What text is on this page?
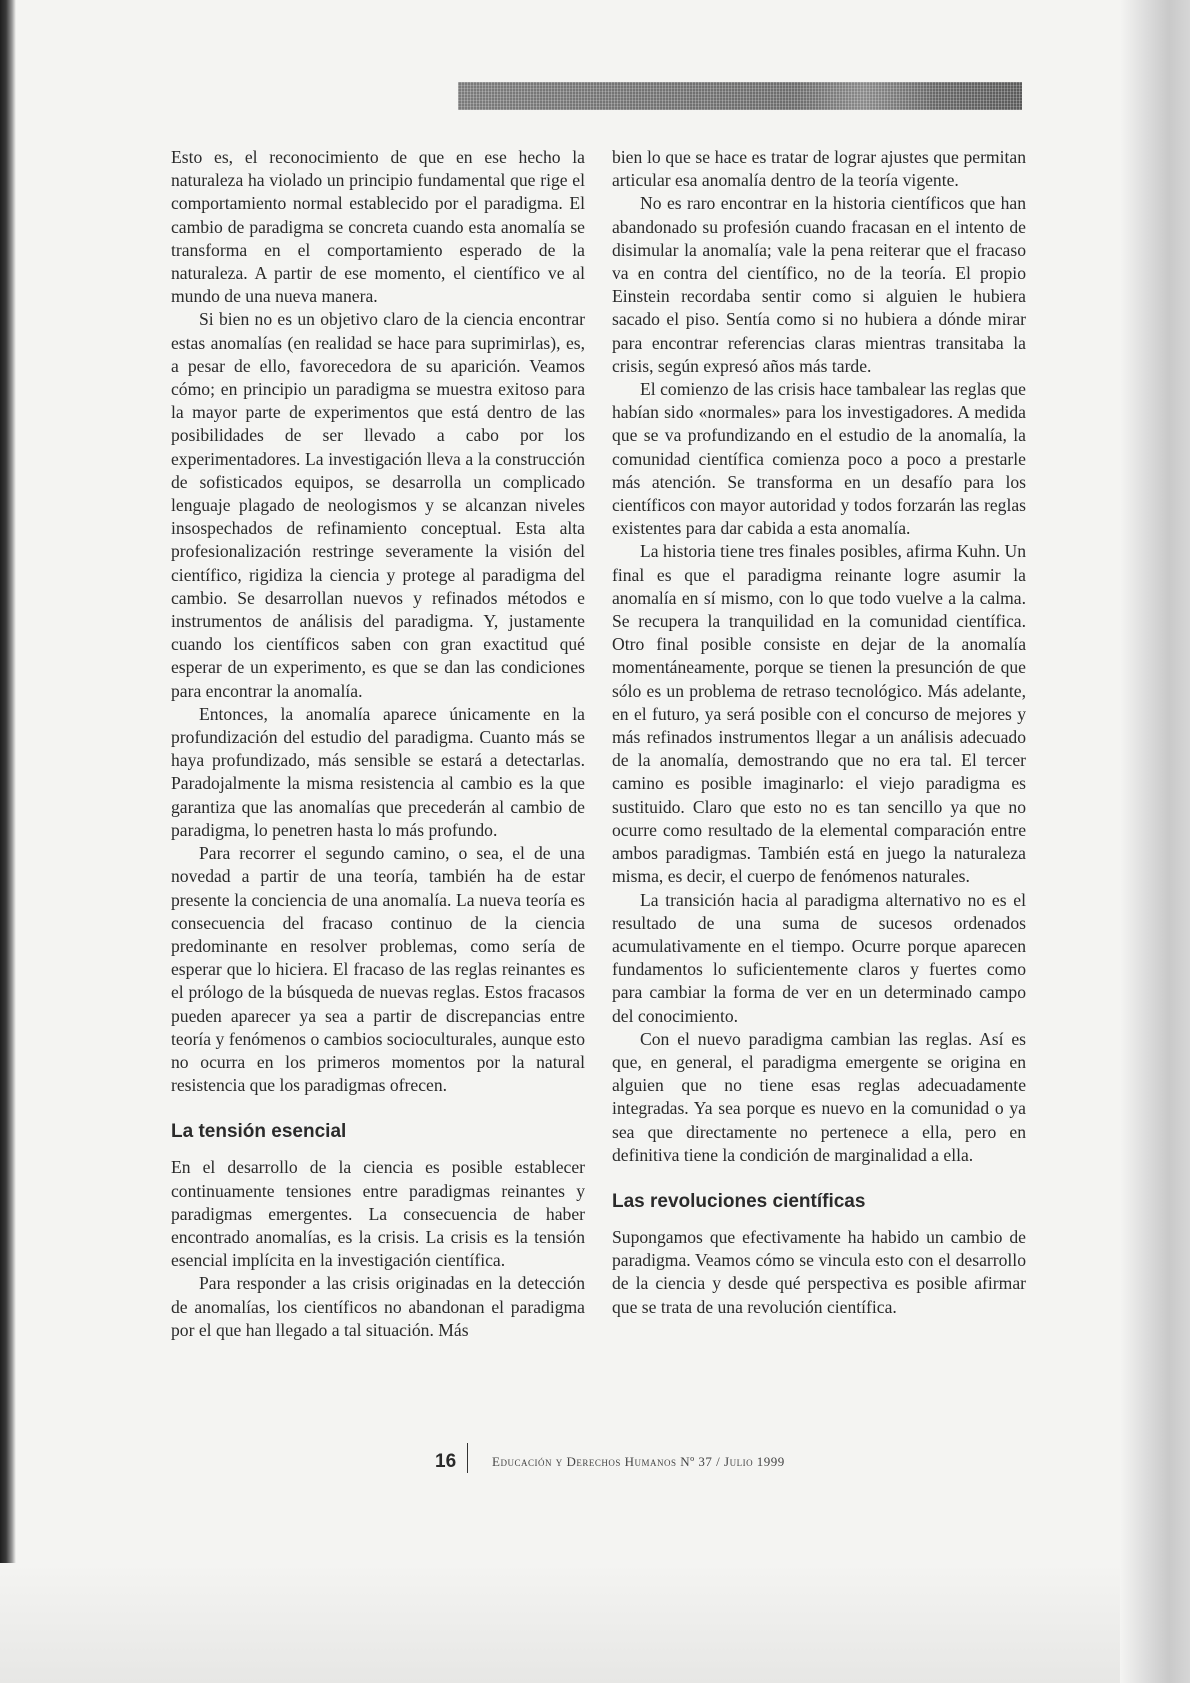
Esto es, el reconocimiento de que en ese hecho la naturaleza ha violado un principio fundamental que rige el comportamiento normal establecido por el paradigma. El cambio de paradigma se concreta cuando esta anomalía se transforma en el comportamiento esperado de la naturaleza. A partir de ese momento, el científico ve al mundo de una nueva manera.

Si bien no es un objetivo claro de la ciencia encontrar estas anomalías (en realidad se hace para suprimirlas), es, a pesar de ello, favorecedora de su aparición. Veamos cómo; en principio un paradigma se muestra exitoso para la mayor parte de experimentos que está dentro de las posibilidades de ser llevado a cabo por los experimentadores. La investigación lleva a la construcción de sofisticados equipos, se desarrolla un complicado lenguaje plagado de neologismos y se alcanzan niveles insospechados de refinamiento conceptual. Esta alta profesionalización restringe severamente la visión del científico, rigidiza la ciencia y protege al paradigma del cambio. Se desarrollan nuevos y refinados métodos e instrumentos de análisis del paradigma. Y, justamente cuando los científicos saben con gran exactitud qué esperar de un experimento, es que se dan las condiciones para encontrar la anomalía.

Entonces, la anomalía aparece únicamente en la profundización del estudio del paradigma. Cuanto más se haya profundizado, más sensible se estará a detectarlas. Paradojalmente la misma resistencia al cambio es la que garantiza que las anomalías que precederán al cambio de paradigma, lo penetren hasta lo más profundo.

Para recorrer el segundo camino, o sea, el de una novedad a partir de una teoría, también ha de estar presente la conciencia de una anomalía. La nueva teoría es consecuencia del fracaso continuo de la ciencia predominante en resolver problemas, como sería de esperar que lo hiciera. El fracaso de las reglas reinantes es el prólogo de la búsqueda de nuevas reglas. Estos fracasos pueden aparecer ya sea a partir de discrepancias entre teoría y fenómenos o cambios socioculturales, aunque esto no ocurra en los primeros momentos por la natural resistencia que los paradigmas ofrecen.

La tensión esencial

En el desarrollo de la ciencia es posible establecer continuamente tensiones entre paradigmas reinantes y paradigmas emergentes. La consecuencia de haber encontrado anomalías, es la crisis. La crisis es la tensión esencial implícita en la investigación científica.

Para responder a las crisis originadas en la detección de anomalías, los científicos no abandonan el paradigma por el que han llegado a tal situación. Más

bien lo que se hace es tratar de lograr ajustes que permitan articular esa anomalía dentro de la teoría vigente.

No es raro encontrar en la historia científicos que han abandonado su profesión cuando fracasan en el intento de disimular la anomalía; vale la pena reiterar que el fracaso va en contra del científico, no de la teoría. El propio Einstein recordaba sentir como si alguien le hubiera sacado el piso. Sentía como si no hubiera a dónde mirar para encontrar referencias claras mientras transitaba la crisis, según expresó años más tarde.

El comienzo de las crisis hace tambalear las reglas que habían sido «normales» para los investigadores. A medida que se va profundizando en el estudio de la anomalía, la comunidad científica comienza poco a poco a prestarle más atención. Se transforma en un desafío para los científicos con mayor autoridad y todos forzarán las reglas existentes para dar cabida a esta anomalía.

La historia tiene tres finales posibles, afirma Kuhn. Un final es que el paradigma reinante logre asumir la anomalía en sí mismo, con lo que todo vuelve a la calma. Se recupera la tranquilidad en la comunidad científica. Otro final posible consiste en dejar de la anomalía momentáneamente, porque se tienen la presunción de que sólo es un problema de retraso tecnológico. Más adelante, en el futuro, ya será posible con el concurso de mejores y más refinados instrumentos llegar a un análisis adecuado de la anomalía, demostrando que no era tal. El tercer camino es posible imaginarlo: el viejo paradigma es sustituido. Claro que esto no es tan sencillo ya que no ocurre como resultado de la elemental comparación entre ambos paradigmas. También está en juego la naturaleza misma, es decir, el cuerpo de fenómenos naturales.

La transición hacia al paradigma alternativo no es el resultado de una suma de sucesos ordenados acumulativamente en el tiempo. Ocurre porque aparecen fundamentos lo suficientemente claros y fuertes como para cambiar la forma de ver en un determinado campo del conocimiento.

Con el nuevo paradigma cambian las reglas. Así es que, en general, el paradigma emergente se origina en alguien que no tiene esas reglas adecuadamente integradas. Ya sea porque es nuevo en la comunidad o ya sea que directamente no pertenece a ella, pero en definitiva tiene la condición de marginalidad a ella.

Las revoluciones científicas

Supongamos que efectivamente ha habido un cambio de paradigma. Veamos cómo se vincula esto con el desarrollo de la ciencia y desde qué perspectiva es posible afirmar que se trata de una revolución científica.

16	Educación y Derechos Humanos Nº 37 / Julio 1999
